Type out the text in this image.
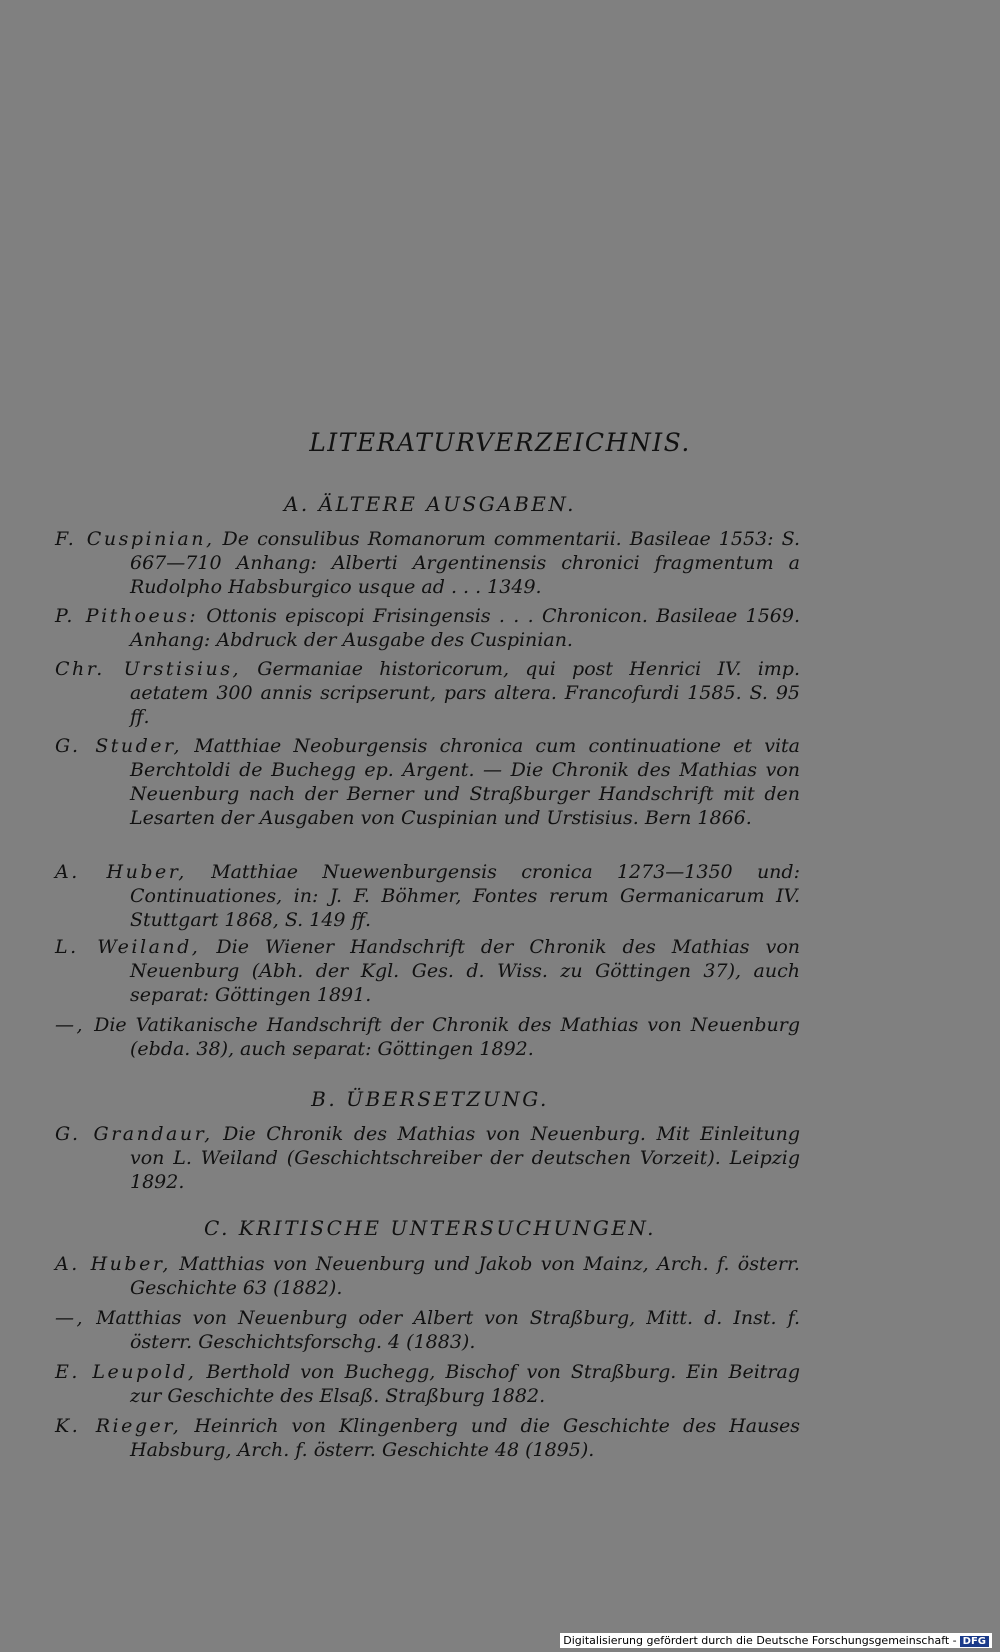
LITERATURVERZEICHNIS.
A. ÄLTERE AUSGABEN.
F. Cuspinian, De consulibus Romanorum commentarii. Basileae 1553: S. 667—710 Anhang: Alberti Argentinensis chronici fragmentum a Rudolpho Habsburgico usque ad . . . 1349.
P. Pithoeus: Ottonis episcopi Frisingensis . . . Chronicon. Basileae 1569. Anhang: Abdruck der Ausgabe des Cuspinian.
Chr. Urstisius, Germaniae historicorum, qui post Henrici IV. imp. aetatem 300 annis scripserunt, pars altera. Francofurdi 1585. S. 95 ff.
G. Studer, Matthiae Neoburgensis chronica cum continuatione et vita Berchtoldi de Buchegg ep. Argent. — Die Chronik des Mathias von Neuenburg nach der Berner und Straßburger Handschrift mit den Lesarten der Ausgaben von Cuspinian und Urstisius. Bern 1866.
A. Huber, Matthiae Nuewenburgensis cronica 1273—1350 und: Continuationes, in: J. F. Böhmer, Fontes rerum Germanicarum IV. Stuttgart 1868, S. 149 ff.
L. Weiland, Die Wiener Handschrift der Chronik des Mathias von Neuenburg (Abh. der Kgl. Ges. d. Wiss. zu Göttingen 37), auch separat: Göttingen 1891.
—, Die Vatikanische Handschrift der Chronik des Mathias von Neuenburg (ebda. 38), auch separat: Göttingen 1892.
B. ÜBERSETZUNG.
G. Grandaur, Die Chronik des Mathias von Neuenburg. Mit Einleitung von L. Weiland (Geschichtschreiber der deutschen Vorzeit). Leipzig 1892.
C. KRITISCHE UNTERSUCHUNGEN.
A. Huber, Matthias von Neuenburg und Jakob von Mainz, Arch. f. österr. Geschichte 63 (1882).
—, Matthias von Neuenburg oder Albert von Straßburg, Mitt. d. Inst. f. österr. Geschichtsforschg. 4 (1883).
E. Leupold, Berthold von Buchegg, Bischof von Straßburg. Ein Beitrag zur Geschichte des Elsaß. Straßburg 1882.
K. Rieger, Heinrich von Klingenberg und die Geschichte des Hauses Habsburg, Arch. f. österr. Geschichte 48 (1895).
Digitalisierung gefördert durch die Deutsche Forschungsgemeinschaft - DFG
